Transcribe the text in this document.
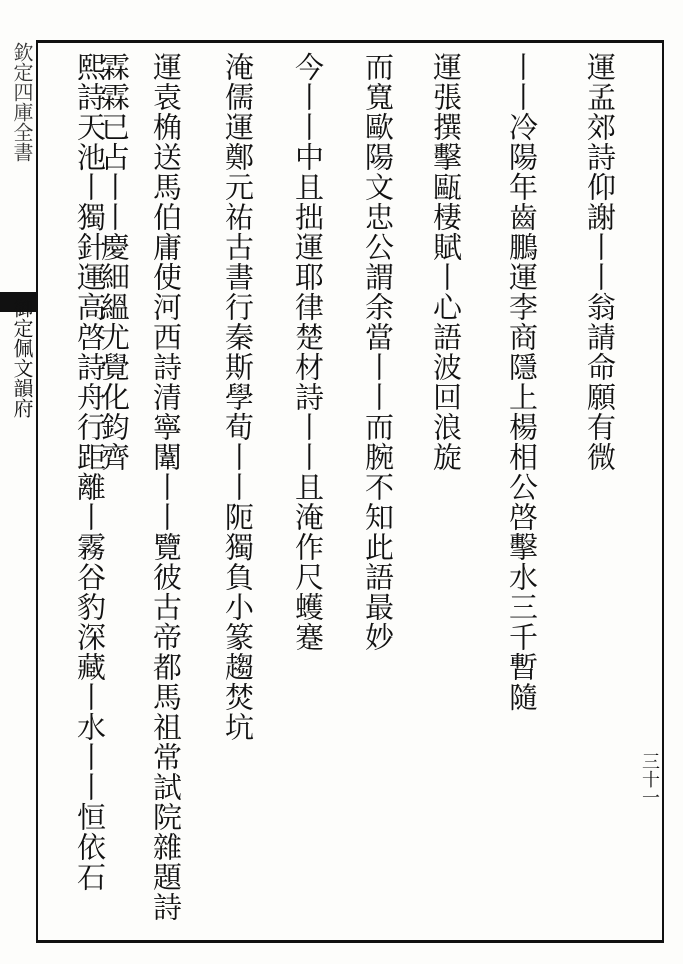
欽定四庫全書
御定佩文韻府
三十一
運孟郊詩仰謝丨丨翁請命願有微
丨丨冷陽年齒鵬運李商隱上楊相公啓擊水三千暫隨
運張撰擊甌棲賦丨心語波回浪旋
而寬歐陽文忠公謂余當丨丨而腕不知此語最妙
今丨丨中且拙運耶律楚材詩丨丨且淹作尺蠖蹇
淹儒運鄭元祐古書行秦斯學荀丨丨阨獨負小篆趨焚坑
運袁桷送馬伯庸使河西詩清寧闈丨丨覽彼古帝都馬祖常試院雜題詩霖霖已占丨丨慶細縕尤覺化鈞齊
熙詩天池丨獨針運高啓詩舟行距離丨霧谷豹深藏丨水丨丨恒依石
